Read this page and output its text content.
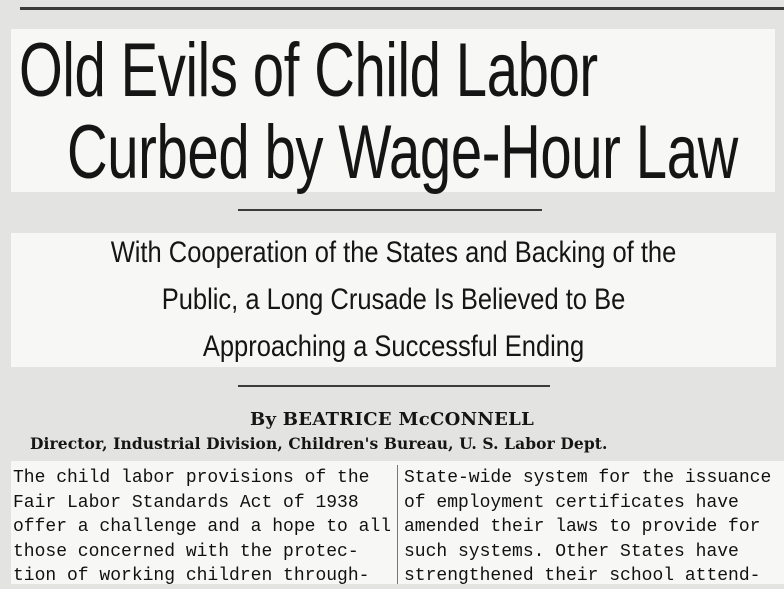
Old Evils of Child Labor
Curbed by Wage-Hour Law

With Cooperation of the States and Backing of the

Public, a Long Crusade Is Believed to Be

Approaching a Successful Ending

By BEATRICE McCONNELL
Director, Industrial Division, Children's Bureau, U. S. Labor Dept.
The child labor provisions of the
Fair Labor Standards Act of 1938
offer a challenge and a hope to all
those concerned with the protec-
tion of working children through-
State-wide system for the issuance
of employment certificates have
amended their laws to provide for
such systems. Other States have
strengthened their school attend-
